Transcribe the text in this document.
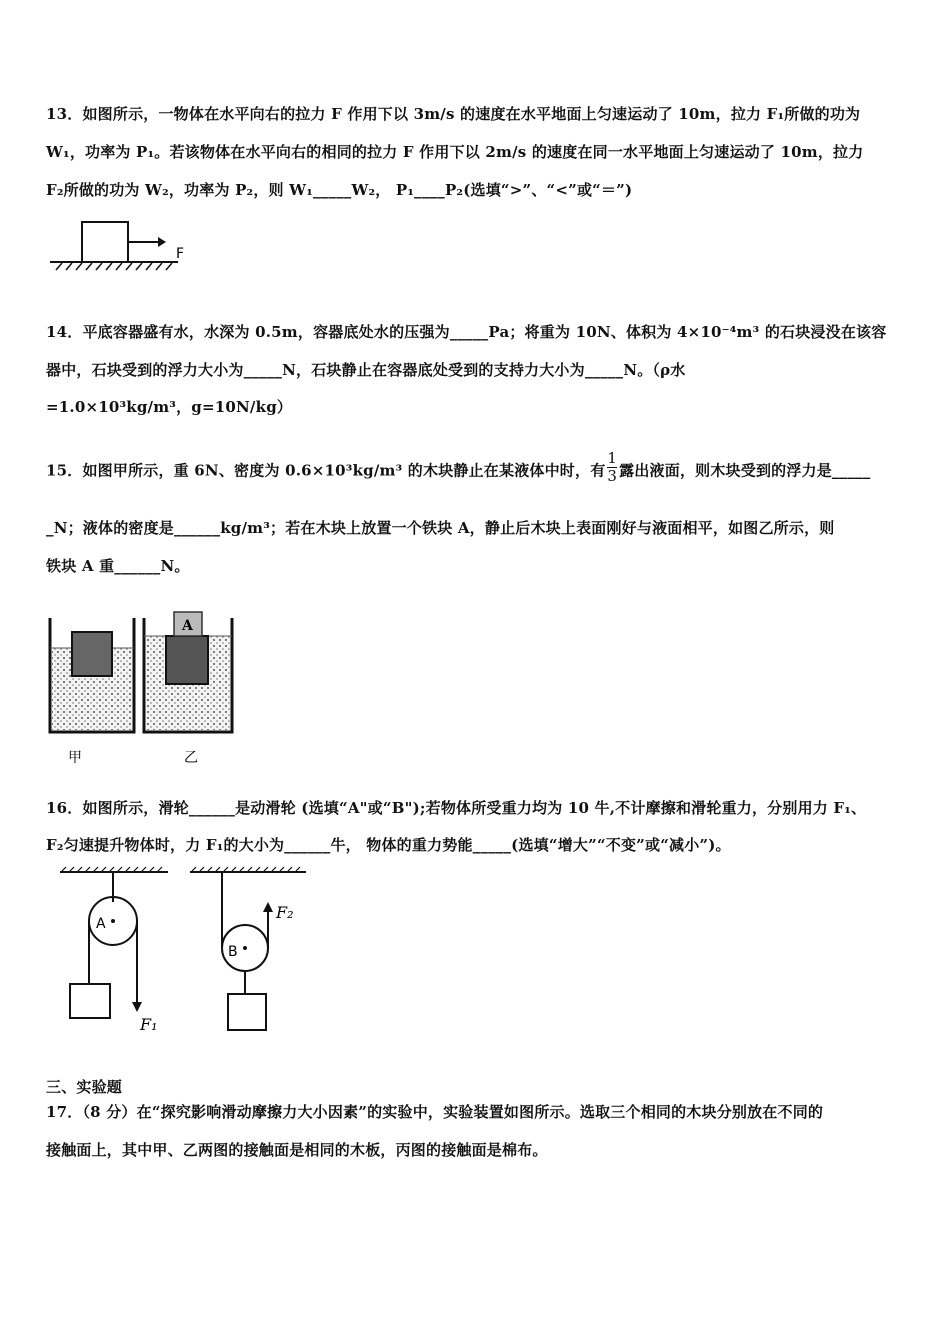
13．如图所示，一物体在水平向右的拉力 F 作用下以 3m/s 的速度在水平地面上匀速运动了 10m，拉力 F₁所做的功为
W₁，功率为 P₁。若该物体在水平向右的相同的拉力 F 作用下以 2m/s 的速度在同一水平地面上匀速运动了 10m，拉力
F₂所做的功为 W₂，功率为 P₂，则 W₁_____W₂， P₁____P₂(选填“>”、“<”或“＝”)
F
14．平底容器盛有水，水深为 0.5m，容器底处水的压强为_____Pa；将重为 10N、体积为 4×10⁻⁴m³ 的石块浸没在该容
器中，石块受到的浮力大小为_____N，石块静止在容器底处受到的支持力大小为_____N。（ρ水
=1.0×10³kg/m³，g=10N/kg）
15．如图甲所示，重 6N、密度为 0.6×10³kg/m³ 的木块静止在某液体中时，有 $\frac{1}{3}$ 露出液面，则木块受到的浮力是_____
_N；液体的密度是______kg/m³；若在木块上放置一个铁块 A，静止后木块上表面刚好与液面相平，如图乙所示，则
铁块 A 重______N。
A
甲	乙
16．如图所示，滑轮______是动滑轮 (选填“A"或“B");若物体所受重力均为 10 牛,不计摩擦和滑轮重力，分别用力 F₁、
F₂匀速提升物体时，力 F₁的大小为______牛， 物体的重力势能_____(选填“增大”“不变”或“减小”)。
A
F₁
B
F₂
三、实验题
17．（8 分）在“探究影响滑动摩擦力大小因素”的实验中，实验装置如图所示。选取三个相同的木块分别放在不同的
接触面上，其中甲、乙两图的接触面是相同的木板，丙图的接触面是棉布。
